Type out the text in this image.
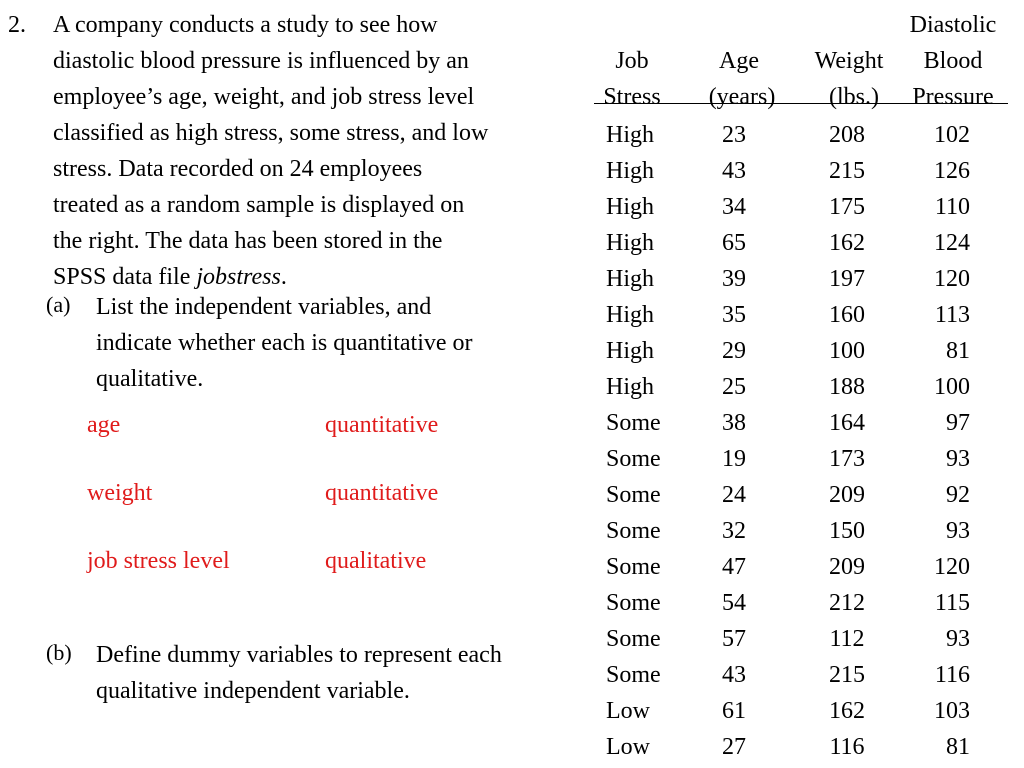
2. A company conducts a study to see how
diastolic blood pressure is influenced by an
employee’s age, weight, and job stress level
classified as high stress, some stress, and low
stress. Data recorded on 24 employees
treated as a random sample is displayed on
the right. The data has been stored in the
SPSS data file jobstress.
(a) List the independent variables, and
indicate whether each is quantitative or
qualitative.
age	quantitative
weight	quantitative
job stress level	qualitative
(b) Define dummy variables to represent each
qualitative independent variable.
Diastolic
Job	Age	Weight	Blood
Stress	(years)	(lbs.)	Pressure
High	23	208	102
High	43	215	126
High	34	175	110
High	65	162	124
High	39	197	120
High	35	160	113
High	29	100	81
High	25	188	100
Some	38	164	97
Some	19	173	93
Some	24	209	92
Some	32	150	93
Some	47	209	120
Some	54	212	115
Some	57	112	93
Some	43	215	116
Low	61	162	103
Low	27	116	81
